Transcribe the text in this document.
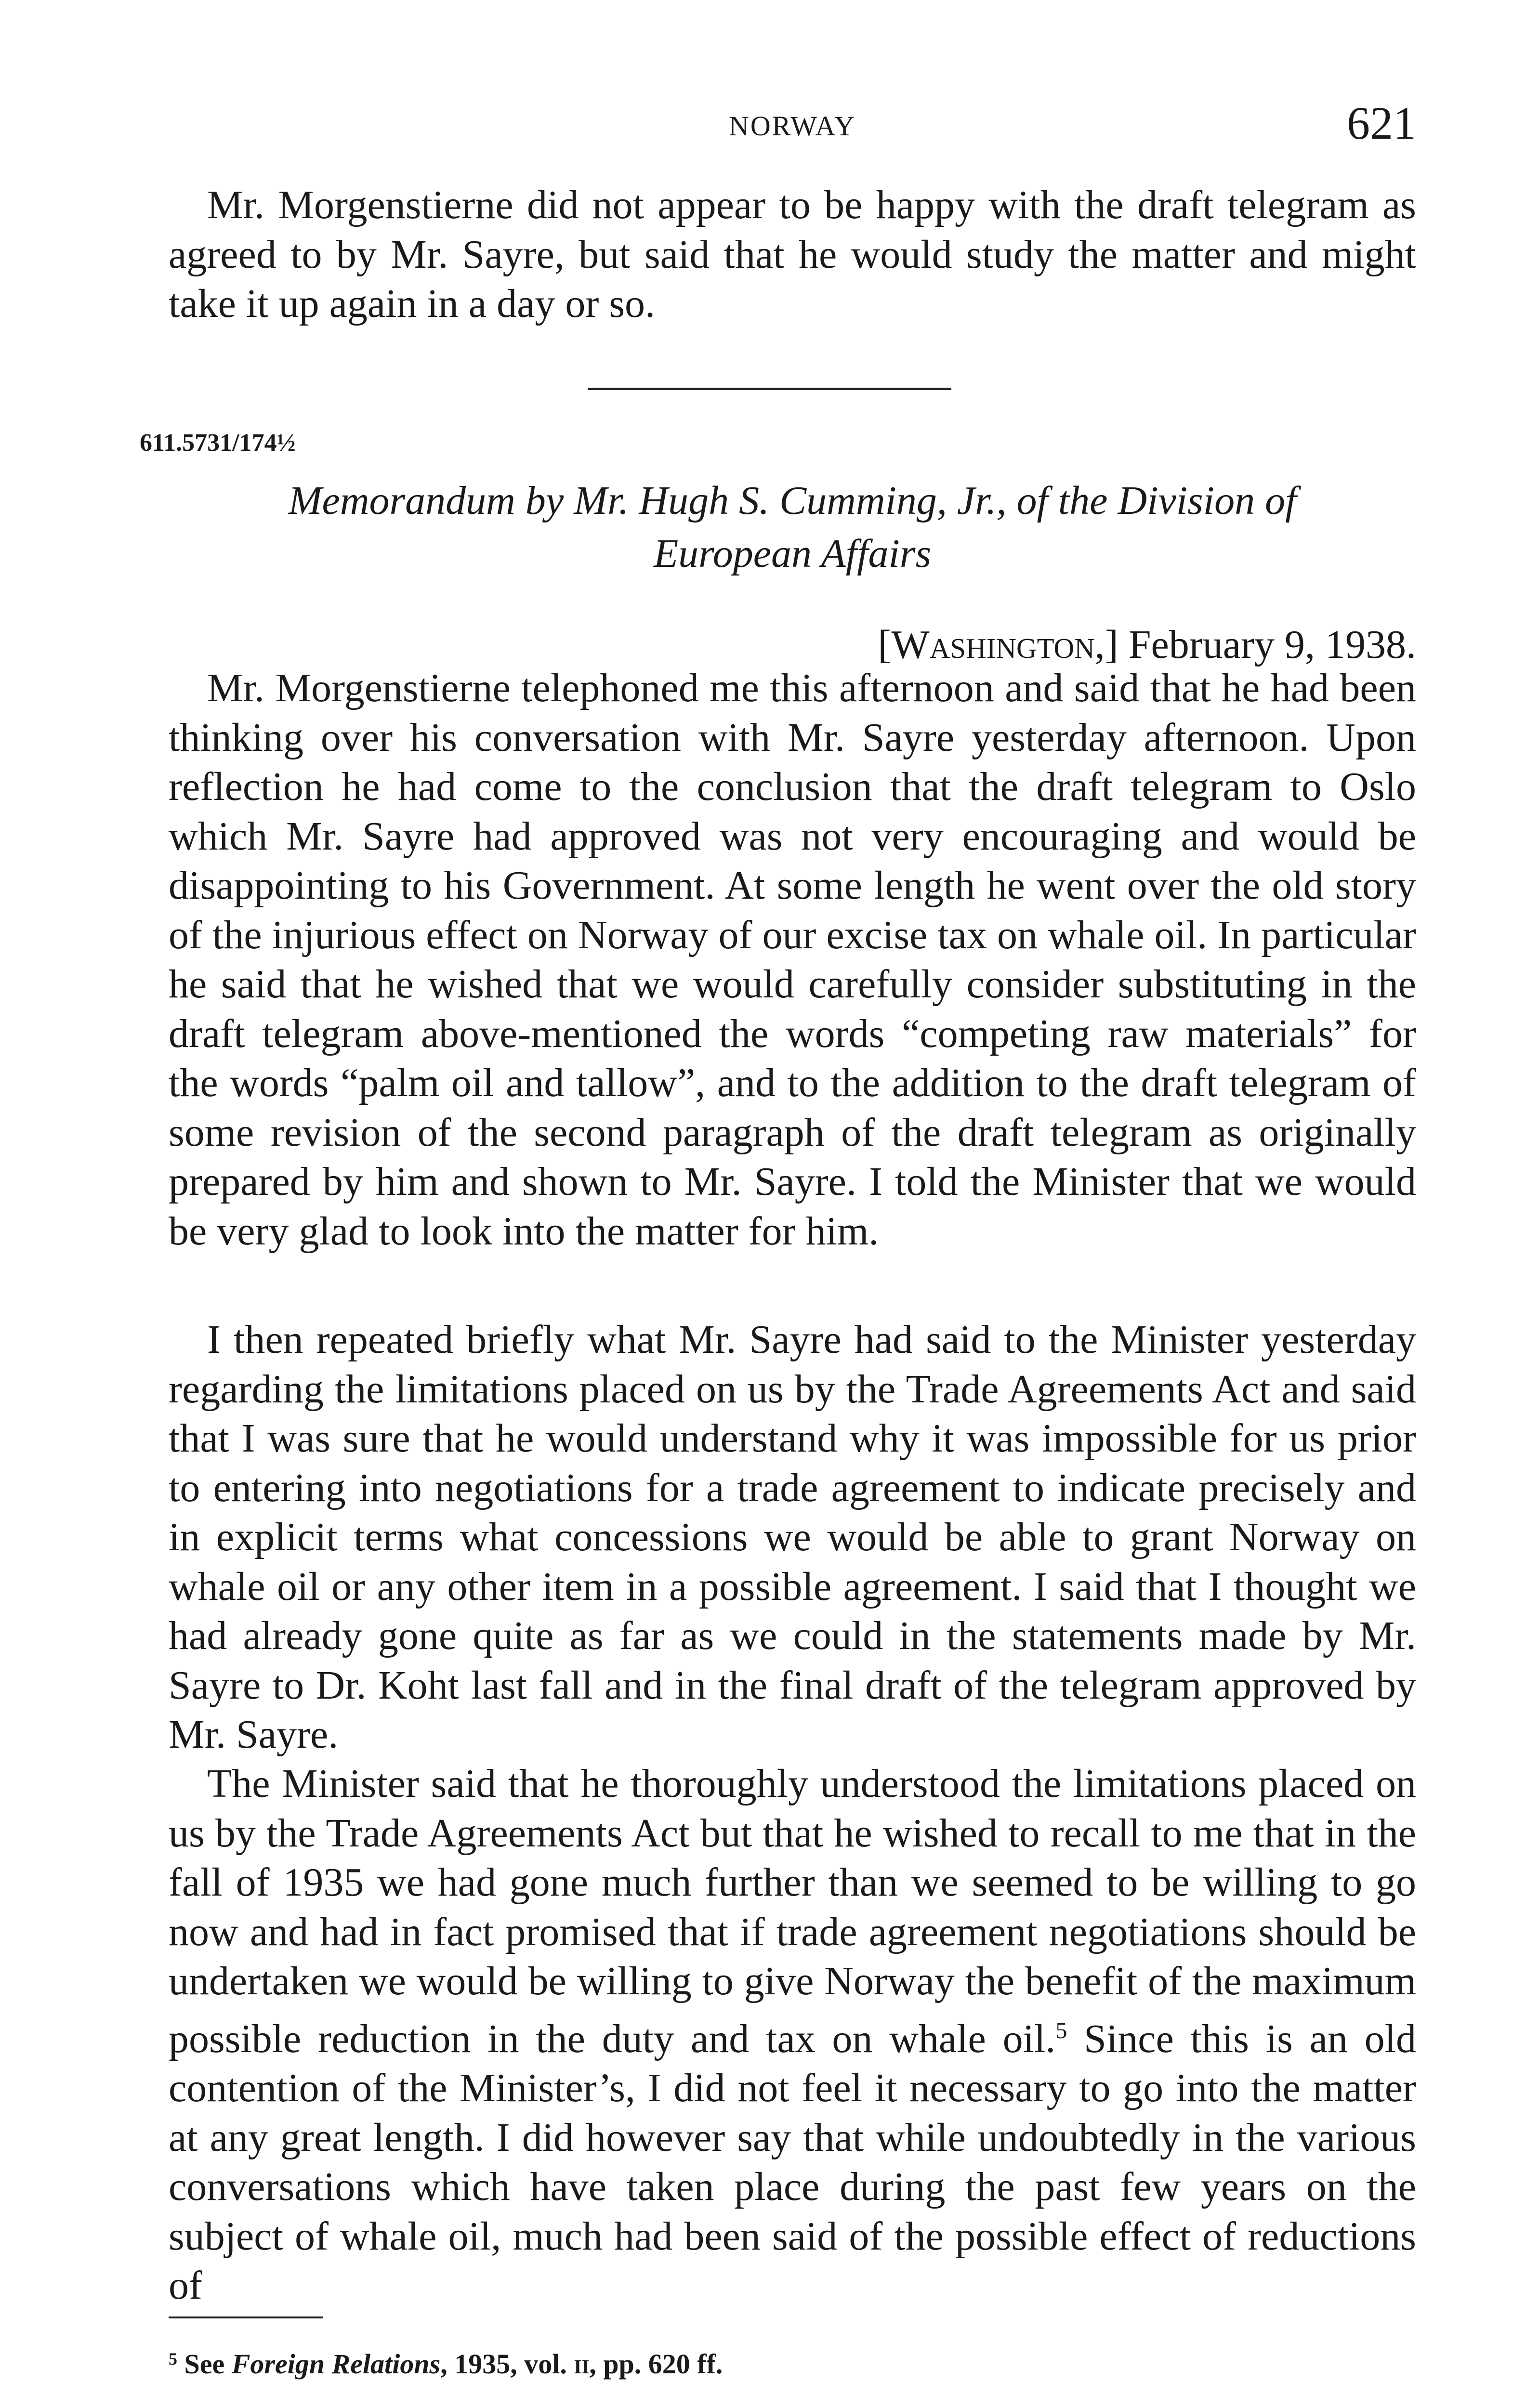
NORWAY	621

Mr. Morgenstierne did not appear to be happy with the draft telegram as agreed to by Mr. Sayre, but said that he would study the matter and might take it up again in a day or so.

611.5731/174½

Memorandum by Mr. Hugh S. Cumming, Jr., of the Division of
European Affairs

[Washington,] February 9, 1938.

Mr. Morgenstierne telephoned me this afternoon and said that he had been thinking over his conversation with Mr. Sayre yesterday afternoon. Upon reflection he had come to the conclusion that the draft telegram to Oslo which Mr. Sayre had approved was not very encouraging and would be disappointing to his Government. At some length he went over the old story of the injurious effect on Norway of our excise tax on whale oil. In particular he said that he wished that we would carefully consider substituting in the draft telegram above-mentioned the words “competing raw materials” for the words “palm oil and tallow”, and to the addition to the draft telegram of some revision of the second paragraph of the draft telegram as originally prepared by him and shown to Mr. Sayre. I told the Minister that we would be very glad to look into the matter for him.

I then repeated briefly what Mr. Sayre had said to the Minister yesterday regarding the limitations placed on us by the Trade Agreements Act and said that I was sure that he would understand why it was impossible for us prior to entering into negotiations for a trade agreement to indicate precisely and in explicit terms what concessions we would be able to grant Norway on whale oil or any other item in a possible agreement. I said that I thought we had already gone quite as far as we could in the statements made by Mr. Sayre to Dr. Koht last fall and in the final draft of the telegram approved by Mr. Sayre.

The Minister said that he thoroughly understood the limitations placed on us by the Trade Agreements Act but that he wished to recall to me that in the fall of 1935 we had gone much further than we seemed to be willing to go now and had in fact promised that if trade agreement negotiations should be undertaken we would be willing to give Norway the benefit of the maximum possible reduction in the duty and tax on whale oil.$^5$ Since this is an old contention of the Minister’s, I did not feel it necessary to go into the matter at any great length. I did however say that while undoubtedly in the various conversations which have taken place during the past few years on the subject of whale oil, much had been said of the possible effect of reductions of

$^5$ See Foreign Relations, 1935, vol. ii, pp. 620 ff.
